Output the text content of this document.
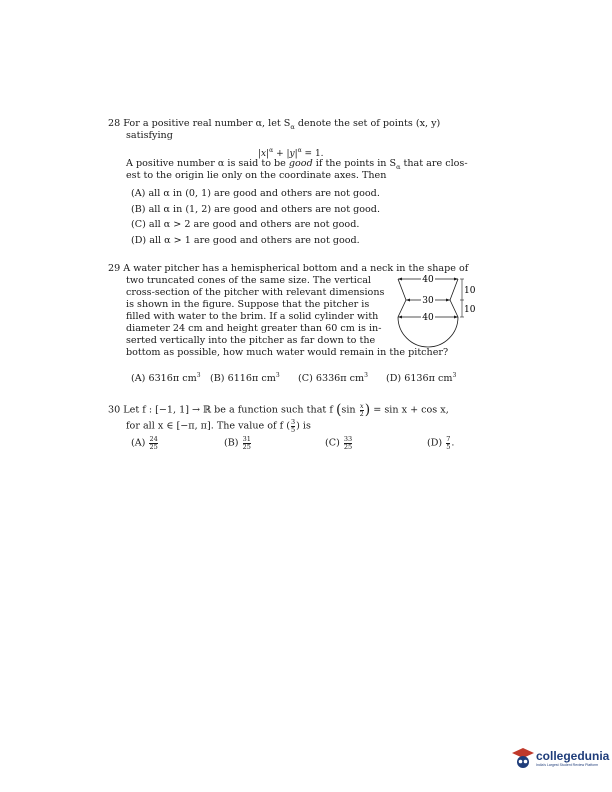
28 For a positive real number α, let $S_\alpha$ denote the set of points (x, y)
satisfying
$|x|^\alpha + |y|^\alpha = 1$.
A positive number α is said to be good if the points in $S_\alpha$ that are clos-
est to the origin lie only on the coordinate axes. Then
(A) all α in (0, 1) are good and others are not good.
(B) all α in (1, 2) are good and others are not good.
(C) all α > 2 are good and others are not good.
(D) all α > 1 are good and others are not good.
29 A water pitcher has a hemispherical bottom and a neck in the shape of
two truncated cones of the same size. The vertical
cross-section of the pitcher with relevant dimensions
is shown in the figure. Suppose that the pitcher is
filled with water to the brim. If a solid cylinder with
diameter 24 cm and height greater than 60 cm is in-
serted vertically into the pitcher as far down to the
bottom as possible, how much water would remain in the pitcher?
40
30
40
10
10
(A) 6316π $cm^3$ (B) 6116π $cm^3$ (C) 6336π $cm^3$ (D) 6136π $cm^3$
30 Let f : [−1, 1] → ℝ be a function such that f ($\sin \frac{x}{2}$ ) = sin x + cos x,
for all x ∈ [−π, π]. The value of f ( $\frac{3}{5}$ ) is
$(A) \frac{24}{25}$	$(B) \frac{31}{25}$	$(C) \frac{33}{25}$	$(D) \frac{7}{5}$ .
collegedunia
India's Largest Student Review Platform
